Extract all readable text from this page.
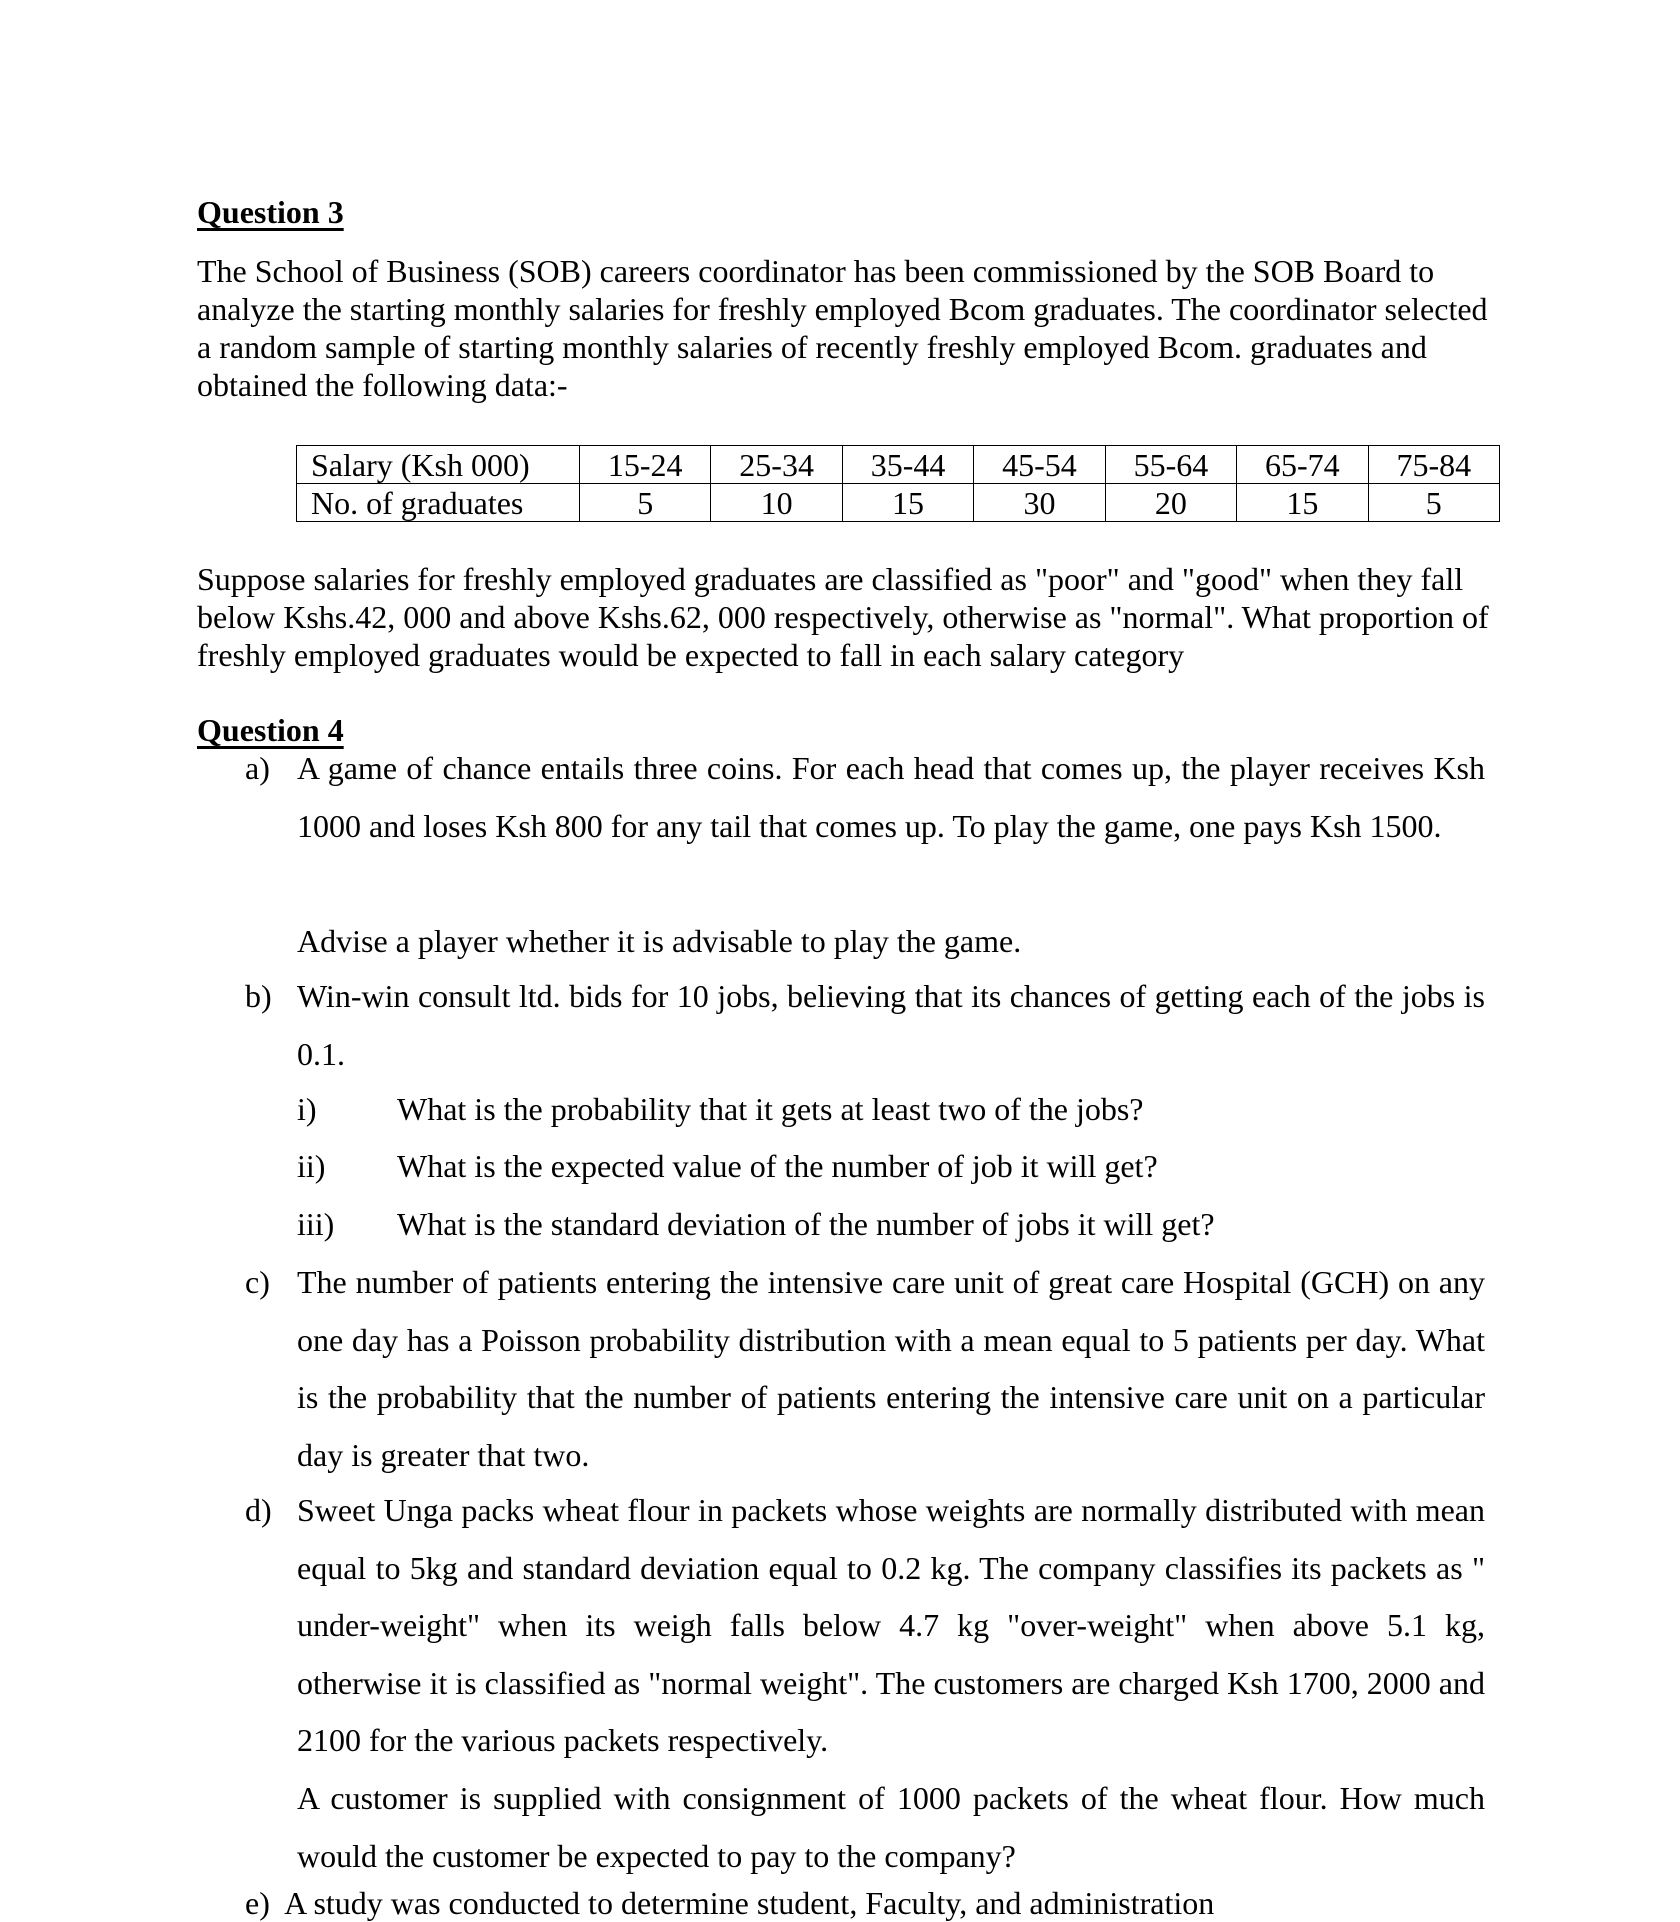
Question 3

The School of Business (SOB) careers coordinator has been commissioned by the SOB Board to analyze the starting monthly salaries for freshly employed Bcom graduates. The coordinator selected a random sample of starting monthly salaries of recently freshly employed Bcom. graduates and obtained the following data:-

Salary (Ksh 000)	15-24	25-34	35-44	45-54	55-64	65-74	75-84
No. of graduates	5	10	15	30	20	15	5

Suppose salaries for freshly employed graduates are classified as "poor" and "good" when they fall below Kshs.42, 000 and above Kshs.62, 000 respectively, otherwise as "normal". What proportion of freshly employed graduates would be expected to fall in each salary category

Question 4
a) A game of chance entails three coins. For each head that comes up, the player receives Ksh 1000 and loses Ksh 800 for any tail that comes up. To play the game, one pays Ksh 1500.
Advise a player whether it is advisable to play the game.
b) Win-win consult ltd. bids for 10 jobs, believing that its chances of getting each of the jobs is 0.1.
i)	What is the probability that it gets at least two of the jobs?
ii) What is the expected value of the number of job it will get?
iii) What is the standard deviation of the number of jobs it will get?
c) The number of patients entering the intensive care unit of great care Hospital (GCH) on any one day has a Poisson probability distribution with a mean equal to 5 patients per day. What is the probability that the number of patients entering the intensive care unit on a particular day is greater that two.
d) Sweet Unga packs wheat flour in packets whose weights are normally distributed with mean equal to 5kg and standard deviation equal to 0.2 kg. The company classifies its packets as " under-weight" when its weigh falls below 4.7 kg "over-weight" when above 5.1 kg, otherwise it is classified as "normal weight". The customers are charged Ksh 1700, 2000 and 2100 for the various packets respectively.
A customer is supplied with consignment of 1000 packets of the wheat flour. How much would the customer be expected to pay to the company?
e) A study was conducted to determine student, Faculty, and administration
